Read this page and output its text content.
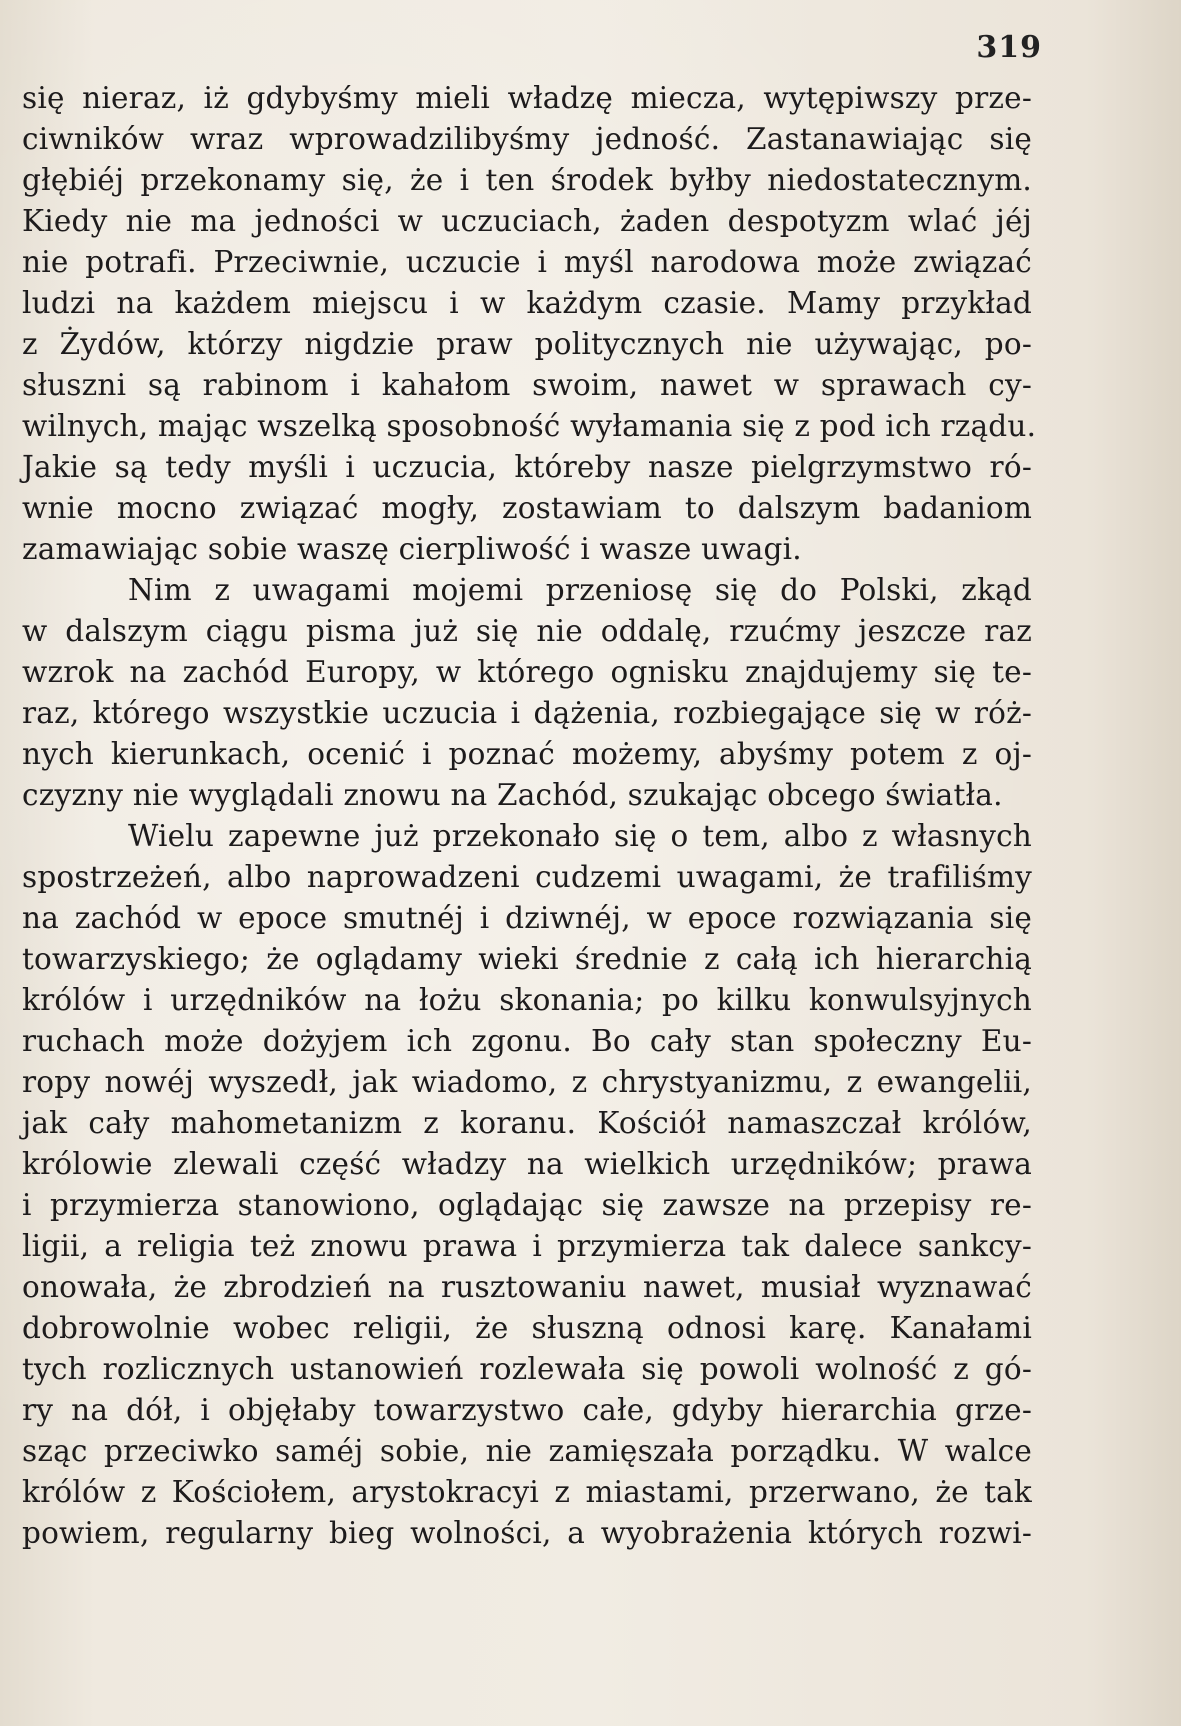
319
się nieraz, iż gdybyśmy mieli władzę miecza, wytępiwszy prze-
ciwników wraz wprowadzilibyśmy jedność. Zastanawiając się
głębiéj przekonamy się, że i ten środek byłby niedostatecznym.
Kiedy nie ma jedności w uczuciach, żaden despotyzm wlać jéj
nie potrafi. Przeciwnie, uczucie i myśl narodowa może związać
ludzi na każdem miejscu i w każdym czasie. Mamy przykład
z Żydów, którzy nigdzie praw politycznych nie używając, po-
słuszni są rabinom i kahałom swoim, nawet w sprawach cy-
wilnych, mając wszelką sposobność wyłamania się z pod ich rządu.
Jakie są tedy myśli i uczucia, któreby nasze pielgrzymstwo ró-
wnie mocno związać mogły, zostawiam to dalszym badaniom
zamawiając sobie waszę cierpliwość i wasze uwagi.
Nim z uwagami mojemi przeniosę się do Polski, zkąd
w dalszym ciągu pisma już się nie oddalę, rzućmy jeszcze raz
wzrok na zachód Europy, w którego ognisku znajdujemy się te-
raz, którego wszystkie uczucia i dążenia, rozbiegające się w róż-
nych kierunkach, ocenić i poznać możemy, abyśmy potem z oj-
czyzny nie wyglądali znowu na Zachód, szukając obcego światła.
Wielu zapewne już przekonało się o tem, albo z własnych
spostrzeżeń, albo naprowadzeni cudzemi uwagami, że trafiliśmy
na zachód w epoce smutnéj i dziwnéj, w epoce rozwiązania się
towarzyskiego; że oglądamy wieki średnie z całą ich hierarchią
królów i urzędników na łożu skonania; po kilku konwulsyjnych
ruchach może dożyjem ich zgonu. Bo cały stan społeczny Eu-
ropy nowéj wyszedł, jak wiadomo, z chrystyanizmu, z ewangelii,
jak cały mahometanizm z koranu. Kościół namaszczał królów,
królowie zlewali część władzy na wielkich urzędników; prawa
i przymierza stanowiono, oglądając się zawsze na przepisy re-
ligii, a religia też znowu prawa i przymierza tak dalece sankcy-
onowała, że zbrodzień na rusztowaniu nawet, musiał wyznawać
dobrowolnie wobec religii, że słuszną odnosi karę. Kanałami
tych rozlicznych ustanowień rozlewała się powoli wolność z gó-
ry na dół, i objęłaby towarzystwo całe, gdyby hierarchia grze-
sząc przeciwko saméj sobie, nie zamięszała porządku. W walce
królów z Kościołem, arystokracyi z miastami, przerwano, że tak
powiem, regularny bieg wolności, a wyobrażenia których rozwi-
